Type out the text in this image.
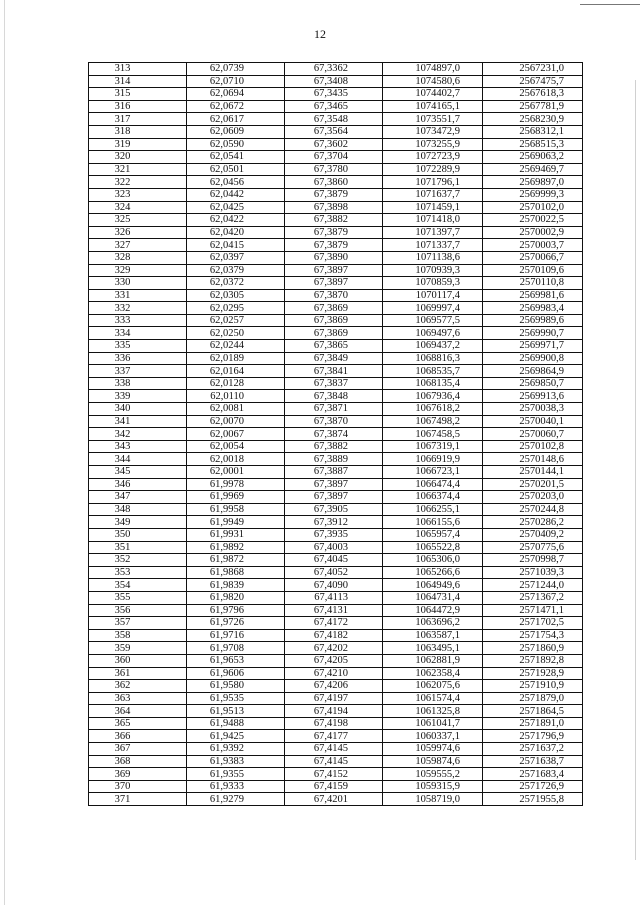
12
313	62,0739	67,3362	1074897,0	2567231,0
314	62,0710	67,3408	1074580,6	2567475,7
315	62,0694	67,3435	1074402,7	2567618,3
316	62,0672	67,3465	1074165,1	2567781,9
317	62,0617	67,3548	1073551,7	2568230,9
318	62,0609	67,3564	1073472,9	2568312,1
319	62,0590	67,3602	1073255,9	2568515,3
320	62,0541	67,3704	1072723,9	2569063,2
321	62,0501	67,3780	1072289,9	2569469,7
322	62,0456	67,3860	1071796,1	2569897,0
323	62,0442	67,3879	1071637,7	2569999,3
324	62,0425	67,3898	1071459,1	2570102,0
325	62,0422	67,3882	1071418,0	2570022,5
326	62,0420	67,3879	1071397,7	2570002,9
327	62,0415	67,3879	1071337,7	2570003,7
328	62,0397	67,3890	1071138,6	2570066,7
329	62,0379	67,3897	1070939,3	2570109,6
330	62,0372	67,3897	1070859,3	2570110,8
331	62,0305	67,3870	1070117,4	2569981,6
332	62,0295	67,3869	1069997,4	2569983,4
333	62,0257	67,3869	1069577,5	2569989,6
334	62,0250	67,3869	1069497,6	2569990,7
335	62,0244	67,3865	1069437,2	2569971,7
336	62,0189	67,3849	1068816,3	2569900,8
337	62,0164	67,3841	1068535,7	2569864,9
338	62,0128	67,3837	1068135,4	2569850,7
339	62,0110	67,3848	1067936,4	2569913,6
340	62,0081	67,3871	1067618,2	2570038,3
341	62,0070	67,3870	1067498,2	2570040,1
342	62,0067	67,3874	1067458,5	2570060,7
343	62,0054	67,3882	1067319,1	2570102,8
344	62,0018	67,3889	1066919,9	2570148,6
345	62,0001	67,3887	1066723,1	2570144,1
346	61,9978	67,3897	1066474,4	2570201,5
347	61,9969	67,3897	1066374,4	2570203,0
348	61,9958	67,3905	1066255,1	2570244,8
349	61,9949	67,3912	1066155,6	2570286,2
350	61,9931	67,3935	1065957,4	2570409,2
351	61,9892	67,4003	1065522,8	2570775,6
352	61,9872	67,4045	1065306,0	2570998,7
353	61,9868	67,4052	1065266,6	2571039,3
354	61,9839	67,4090	1064949,6	2571244,0
355	61,9820	67,4113	1064731,4	2571367,2
356	61,9796	67,4131	1064472,9	2571471,1
357	61,9726	67,4172	1063696,2	2571702,5
358	61,9716	67,4182	1063587,1	2571754,3
359	61,9708	67,4202	1063495,1	2571860,9
360	61,9653	67,4205	1062881,9	2571892,8
361	61,9606	67,4210	1062358,4	2571928,9
362	61,9580	67,4206	1062075,6	2571910,9
363	61,9535	67,4197	1061574,4	2571879,0
364	61,9513	67,4194	1061325,8	2571864,5
365	61,9488	67,4198	1061041,7	2571891,0
366	61,9425	67,4177	1060337,1	2571796,9
367	61,9392	67,4145	1059974,6	2571637,2
368	61,9383	67,4145	1059874,6	2571638,7
369	61,9355	67,4152	1059555,2	2571683,4
370	61,9333	67,4159	1059315,9	2571726,9
371	61,9279	67,4201	1058719,0	2571955,8
